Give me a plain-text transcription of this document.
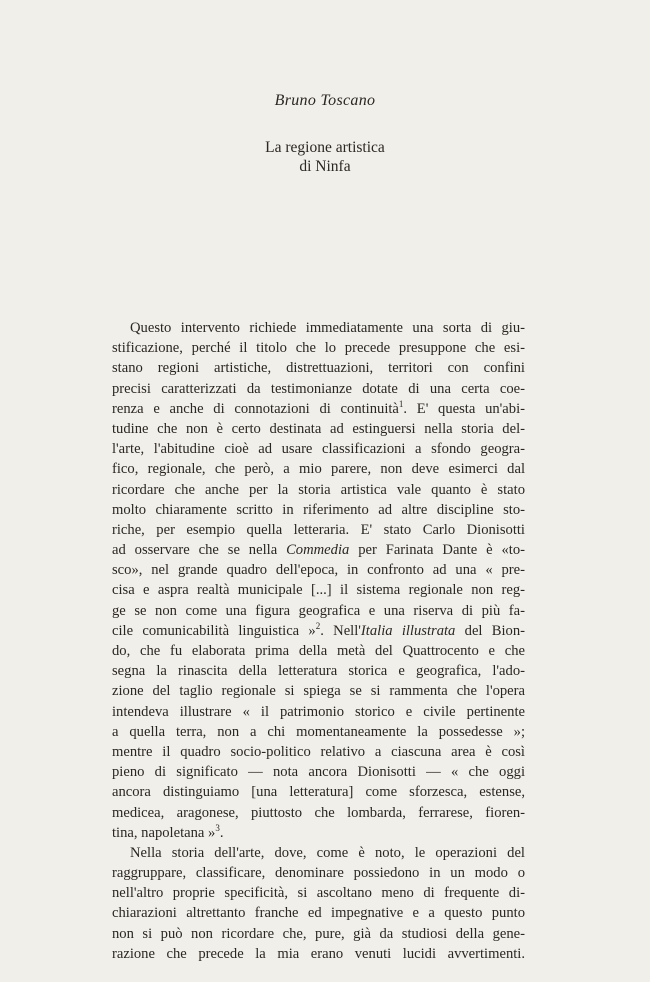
Bruno Toscano
La regione artistica
di Ninfa
Questo intervento richiede immediatamente una sorta di giu-
stificazione, perché il titolo che lo precede presuppone che esi-
stano regioni artistiche, distrettuazioni, territori con confini
precisi caratterizzati da testimonianze dotate di una certa coe-
renza e anche di connotazioni di continuità$^1$. E' questa un'abi-
tudine che non è certo destinata ad estinguersi nella storia del-
l'arte, l'abitudine cioè ad usare classificazioni a sfondo geogra-
fico, regionale, che però, a mio parere, non deve esimerci dal
ricordare che anche per la storia artistica vale quanto è stato
molto chiaramente scritto in riferimento ad altre discipline sto-
riche, per esempio quella letteraria. E' stato Carlo Dionisotti
ad osservare che se nella Commedia per Farinata Dante è «to-
sco», nel grande quadro dell'epoca, in confronto ad una « pre-
cisa e aspra realtà municipale [...] il sistema regionale non reg-
ge se non come una figura geografica e una riserva di più fa-
cile comunicabilità linguistica »$^2$. Nell'Italia illustrata del Bion-
do, che fu elaborata prima della metà del Quattrocento e che
segna la rinascita della letteratura storica e geografica, l'ado-
zione del taglio regionale si spiega se si rammenta che l'opera
intendeva illustrare « il patrimonio storico e civile pertinente
a quella terra, non a chi momentaneamente la possedesse »;
mentre il quadro socio-politico relativo a ciascuna area è così
pieno di significato — nota ancora Dionisotti — « che oggi
ancora distinguiamo [una letteratura] come sforzesca, estense,
medicea, aragonese, piuttosto che lombarda, ferrarese, fioren-
tina, napoletana »$^3$.
Nella storia dell'arte, dove, come è noto, le operazioni del
raggruppare, classificare, denominare possiedono in un modo o
nell'altro proprie specificità, si ascoltano meno di frequente di-
chiarazioni altrettanto franche ed impegnative e a questo punto
non si può non ricordare che, pure, già da studiosi della gene-
razione che precede la mia erano venuti lucidi avvertimenti.
